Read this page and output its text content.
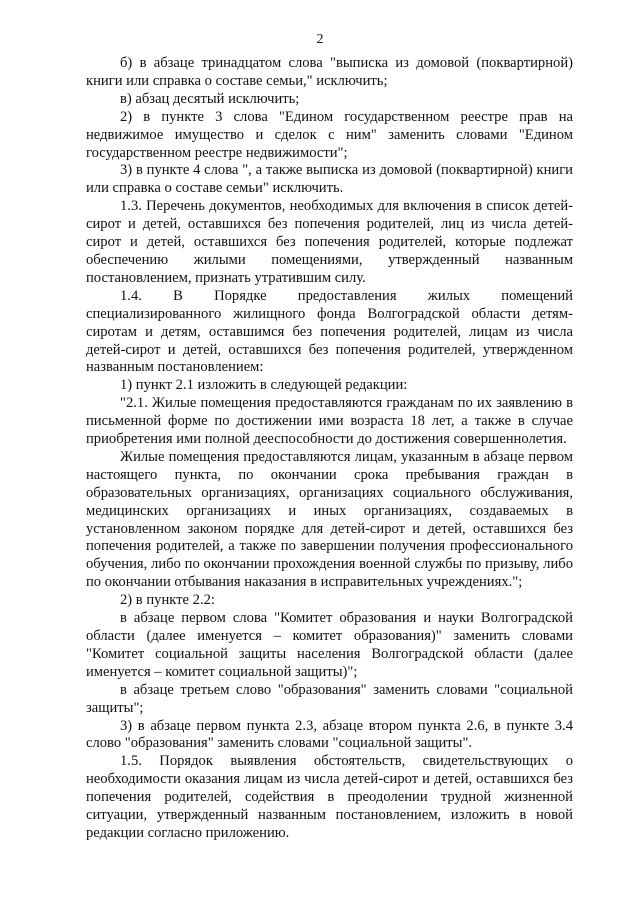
2

б) в абзаце тринадцатом слова "выписка из домовой (поквартирной) книги или справка о составе семьи," исключить;

в) абзац десятый исключить;

2) в пункте 3 слова "Едином государственном реестре прав на недвижимое имущество и сделок с ним" заменить словами "Едином государственном реестре недвижимости";

3) в пункте 4 слова ", а также выписка из домовой (поквартирной) книги или справка о составе семьи" исключить.

1.3. Перечень документов, необходимых для включения в список детей-сирот и детей, оставшихся без попечения родителей, лиц из числа детей-сирот и детей, оставшихся без попечения родителей, которые подлежат обеспечению жилыми помещениями, утвержденный названным постановлением, признать утратившим силу.

1.4. В Порядке предоставления жилых помещений специализированного жилищного фонда Волгоградской области детям-сиротам и детям, оставшимся без попечения родителей, лицам из числа детей-сирот и детей, оставшихся без попечения родителей, утвержденном названным постановлением:

1) пункт 2.1 изложить в следующей редакции:

"2.1. Жилые помещения предоставляются гражданам по их заявлению в письменной форме по достижении ими возраста 18 лет, а также в случае приобретения ими полной дееспособности до достижения совершеннолетия.

Жилые помещения предоставляются лицам, указанным в абзаце первом настоящего пункта, по окончании срока пребывания граждан в образовательных организациях, организациях социального обслуживания, медицинских организациях и иных организациях, создаваемых в установленном законом порядке для детей-сирот и детей, оставшихся без попечения родителей, а также по завершении получения профессионального обучения, либо по окончании прохождения военной службы по призыву, либо по окончании отбывания наказания в исправительных учреждениях.";

2) в пункте 2.2:

в абзаце первом слова "Комитет образования и науки Волгоградской области (далее именуется – комитет образования)" заменить словами "Комитет социальной защиты населения Волгоградской области (далее именуется – комитет социальной защиты)";

в абзаце третьем слово "образования" заменить словами "социальной защиты";

3) в абзаце первом пункта 2.3, абзаце втором пункта 2.6, в пункте 3.4 слово "образования" заменить словами "социальной защиты".

1.5. Порядок выявления обстоятельств, свидетельствующих о необходимости оказания лицам из числа детей-сирот и детей, оставшихся без попечения родителей, содействия в преодолении трудной жизненной ситуации, утвержденный названным постановлением, изложить в новой редакции согласно приложению.
